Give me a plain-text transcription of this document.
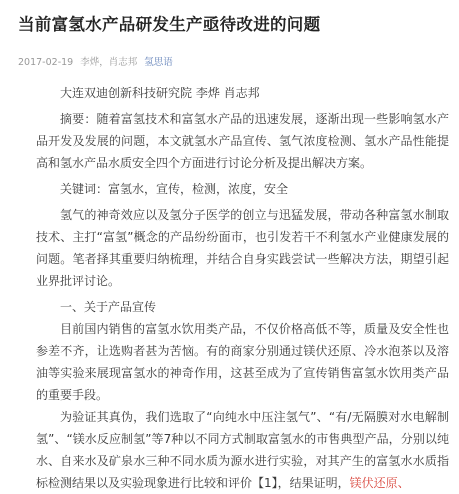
当前富氢水产品研发生产亟待改进的问题
2017-02-19 李烨，肖志邦 氢思语

大连双迪创新科技研究院 李烨 肖志邦

摘要：随着富氢技术和富氢水产品的迅速发展，逐渐出现一些影响氢水产品开发及发展的问题，本文就氢水产品宣传、氢气浓度检测、氢水产品性能提高和氢水产品水质安全四个方面进行讨论分析及提出解决方案。

关键词：富氢水，宣传，检测，浓度，安全

氢气的神奇效应以及氢分子医学的创立与迅猛发展，带动各种富氢水制取技术、主打“富氢”概念的产品纷纷面市，也引发若干不利氢水产业健康发展的问题。笔者择其重要归纳梳理，并结合自身实践尝试一些解决方法，期望引起业界批评讨论。

一、关于产品宣传

目前国内销售的富氢水饮用类产品，不仅价格高低不等，质量及安全性也参差不齐，让选购者甚为苦恼。有的商家分别通过镁伏还原、冷水泡茶以及溶油等实验来展现富氢水的神奇作用，这甚至成为了宣传销售富氢水饮用类产品的重要手段。

为验证其真伪，我们选取了“向纯水中压注氢气”、“有/无隔膜对水电解制氢”、“镁水反应制氢”等7种以不同方式制取富氢水的市售典型产品，分别以纯水、自来水及矿泉水三种不同水质为源水进行实验，对其产生的富氢水水质指标检测结果以及实验现象进行比较和评价【1】，结果证明，镁伏还原、
